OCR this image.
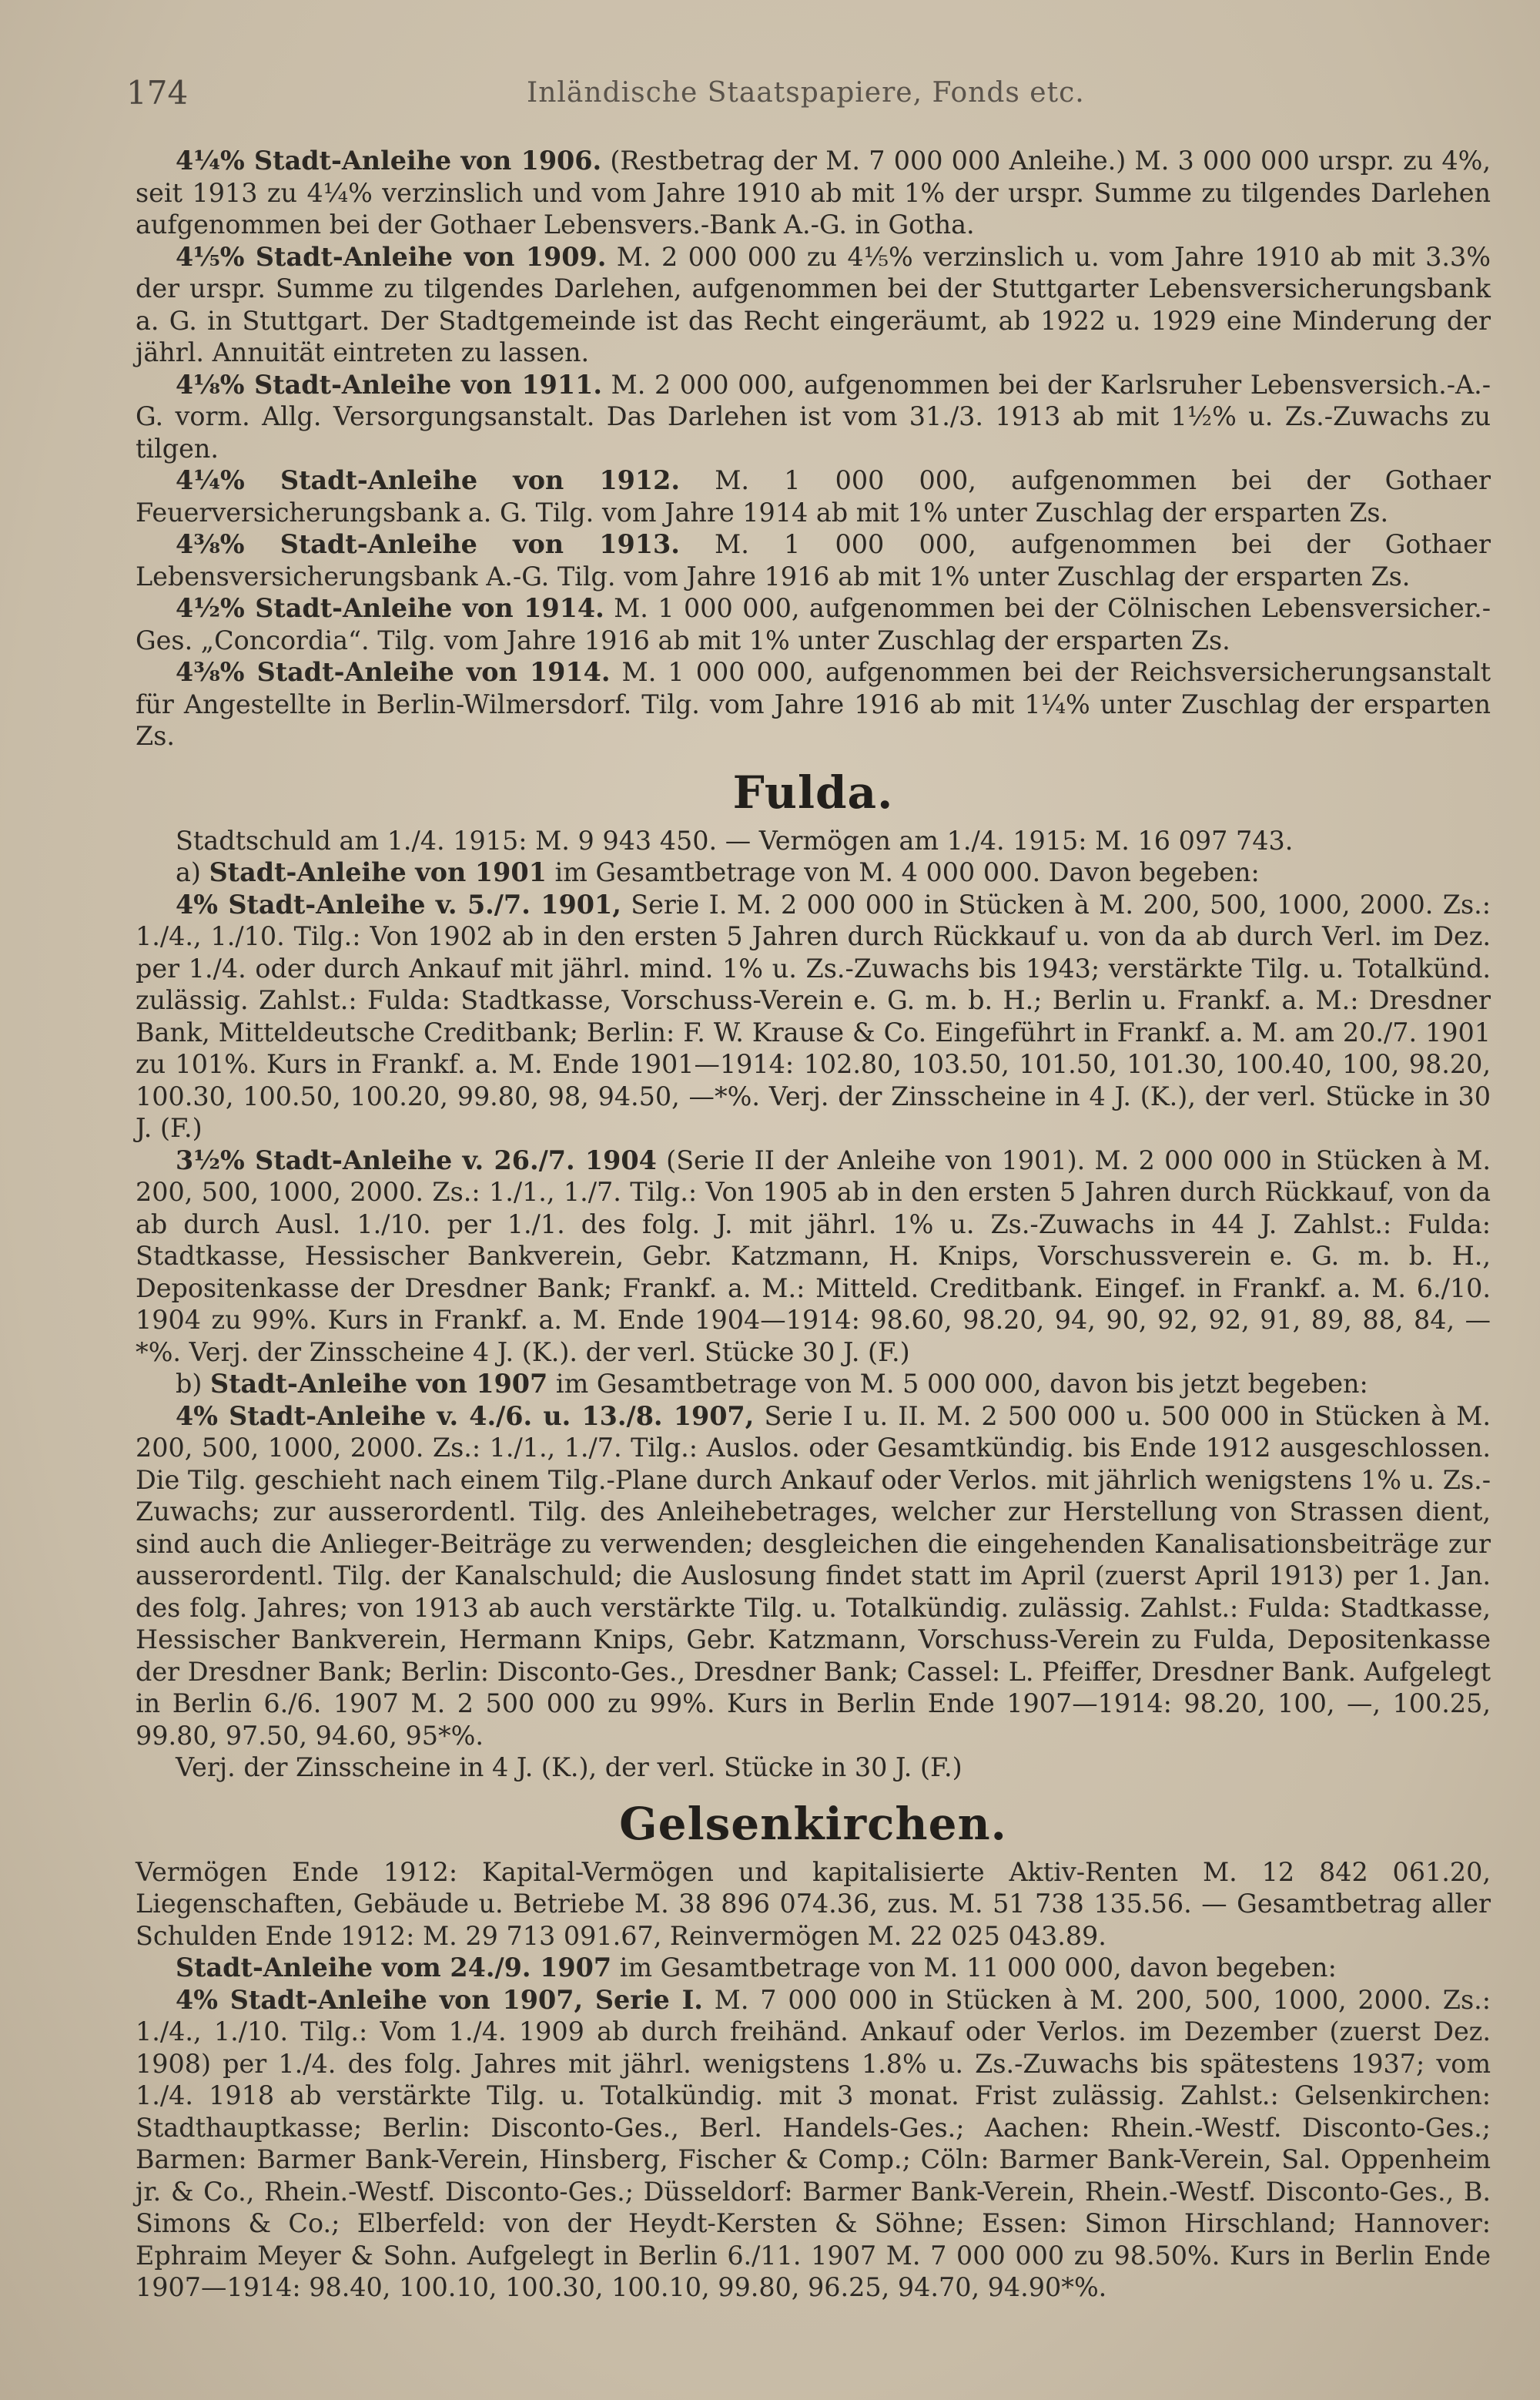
174	Inländische Staatspapiere, Fonds etc.

4¼% Stadt-Anleihe von 1906. (Restbetrag der M. 7 000 000 Anleihe.) M. 3 000 000 urspr. zu 4%, seit 1913 zu 4¼% verzinslich und vom Jahre 1910 ab mit 1% der urspr. Summe zu tilgendes Darlehen aufgenommen bei der Gothaer Lebensvers.-Bank A.-G. in Gotha.

4⅕% Stadt-Anleihe von 1909. M. 2 000 000 zu 4⅕% verzinslich u. vom Jahre 1910 ab mit 3.3% der urspr. Summe zu tilgendes Darlehen, aufgenommen bei der Stuttgarter Lebensversicherungsbank a. G. in Stuttgart. Der Stadtgemeinde ist das Recht eingeräumt, ab 1922 u. 1929 eine Minderung der jährl. Annuität eintreten zu lassen.

4⅛% Stadt-Anleihe von 1911. M. 2 000 000, aufgenommen bei der Karlsruher Lebensversich.-A.-G. vorm. Allg. Versorgungsanstalt. Das Darlehen ist vom 31./3. 1913 ab mit 1½% u. Zs.-Zuwachs zu tilgen.

4¼% Stadt-Anleihe von 1912. M. 1 000 000, aufgenommen bei der Gothaer Feuerversicherungsbank a. G. Tilg. vom Jahre 1914 ab mit 1% unter Zuschlag der ersparten Zs.

4⅜% Stadt-Anleihe von 1913. M. 1 000 000, aufgenommen bei der Gothaer Lebensversicherungsbank A.-G. Tilg. vom Jahre 1916 ab mit 1% unter Zuschlag der ersparten Zs.

4½% Stadt-Anleihe von 1914. M. 1 000 000, aufgenommen bei der Cölnischen Lebensversicher.-Ges. „Concordia“. Tilg. vom Jahre 1916 ab mit 1% unter Zuschlag der ersparten Zs.

4⅜% Stadt-Anleihe von 1914. M. 1 000 000, aufgenommen bei der Reichsversicherungsanstalt für Angestellte in Berlin-Wilmersdorf. Tilg. vom Jahre 1916 ab mit 1¼% unter Zuschlag der ersparten Zs.

Fulda.

Stadtschuld am 1./4. 1915: M. 9 943 450. — Vermögen am 1./4. 1915: M. 16 097 743.

a) Stadt-Anleihe von 1901 im Gesamtbetrage von M. 4 000 000. Davon begeben:

4% Stadt-Anleihe v. 5./7. 1901, Serie I. M. 2 000 000 in Stücken à M. 200, 500, 1000, 2000. Zs.: 1./4., 1./10. Tilg.: Von 1902 ab in den ersten 5 Jahren durch Rückkauf u. von da ab durch Verl. im Dez. per 1./4. oder durch Ankauf mit jährl. mind. 1% u. Zs.-Zuwachs bis 1943; verstärkte Tilg. u. Totalkünd. zulässig. Zahlst.: Fulda: Stadtkasse, Vorschuss-Verein e. G. m. b. H.; Berlin u. Frankf. a. M.: Dresdner Bank, Mitteldeutsche Creditbank; Berlin: F. W. Krause & Co. Eingeführt in Frankf. a. M. am 20./7. 1901 zu 101%. Kurs in Frankf. a. M. Ende 1901—1914: 102.80, 103.50, 101.50, 101.30, 100.40, 100, 98.20, 100.30, 100.50, 100.20, 99.80, 98, 94.50, —*%. Verj. der Zinsscheine in 4 J. (K.), der verl. Stücke in 30 J. (F.)

3½% Stadt-Anleihe v. 26./7. 1904 (Serie II der Anleihe von 1901). M. 2 000 000 in Stücken à M. 200, 500, 1000, 2000. Zs.: 1./1., 1./7. Tilg.: Von 1905 ab in den ersten 5 Jahren durch Rückkauf, von da ab durch Ausl. 1./10. per 1./1. des folg. J. mit jährl. 1% u. Zs.-Zuwachs in 44 J. Zahlst.: Fulda: Stadtkasse, Hessischer Bankverein, Gebr. Katzmann, H. Knips, Vorschussverein e. G. m. b. H., Depositenkasse der Dresdner Bank; Frankf. a. M.: Mitteld. Creditbank. Eingef. in Frankf. a. M. 6./10. 1904 zu 99%. Kurs in Frankf. a. M. Ende 1904—1914: 98.60, 98.20, 94, 90, 92, 92, 91, 89, 88, 84, —*%. Verj. der Zinsscheine 4 J. (K.). der verl. Stücke 30 J. (F.)

b) Stadt-Anleihe von 1907 im Gesamtbetrage von M. 5 000 000, davon bis jetzt begeben:

4% Stadt-Anleihe v. 4./6. u. 13./8. 1907, Serie I u. II. M. 2 500 000 u. 500 000 in Stücken à M. 200, 500, 1000, 2000. Zs.: 1./1., 1./7. Tilg.: Auslos. oder Gesamtkündig. bis Ende 1912 ausgeschlossen. Die Tilg. geschieht nach einem Tilg.-Plane durch Ankauf oder Verlos. mit jährlich wenigstens 1% u. Zs.-Zuwachs; zur ausserordentl. Tilg. des Anleihebetrages, welcher zur Herstellung von Strassen dient, sind auch die Anlieger-Beiträge zu verwenden; desgleichen die eingehenden Kanalisationsbeiträge zur ausserordentl. Tilg. der Kanalschuld; die Auslosung findet statt im April (zuerst April 1913) per 1. Jan. des folg. Jahres; von 1913 ab auch verstärkte Tilg. u. Totalkündig. zulässig. Zahlst.: Fulda: Stadtkasse, Hessischer Bankverein, Hermann Knips, Gebr. Katzmann, Vorschuss-Verein zu Fulda, Depositenkasse der Dresdner Bank; Berlin: Disconto-Ges., Dresdner Bank; Cassel: L. Pfeiffer, Dresdner Bank. Aufgelegt in Berlin 6./6. 1907 M. 2 500 000 zu 99%. Kurs in Berlin Ende 1907—1914: 98.20, 100, —, 100.25, 99.80, 97.50, 94.60, 95*%.

Verj. der Zinsscheine in 4 J. (K.), der verl. Stücke in 30 J. (F.)

Gelsenkirchen.

Vermögen Ende 1912: Kapital-Vermögen und kapitalisierte Aktiv-Renten M. 12 842 061.20, Liegenschaften, Gebäude u. Betriebe M. 38 896 074.36, zus. M. 51 738 135.56. — Gesamtbetrag aller Schulden Ende 1912: M. 29 713 091.67, Reinvermögen M. 22 025 043.89.

Stadt-Anleihe vom 24./9. 1907 im Gesamtbetrage von M. 11 000 000, davon begeben:

4% Stadt-Anleihe von 1907, Serie I. M. 7 000 000 in Stücken à M. 200, 500, 1000, 2000. Zs.: 1./4., 1./10. Tilg.: Vom 1./4. 1909 ab durch freihänd. Ankauf oder Verlos. im Dezember (zuerst Dez. 1908) per 1./4. des folg. Jahres mit jährl. wenigstens 1.8% u. Zs.-Zuwachs bis spätestens 1937; vom 1./4. 1918 ab verstärkte Tilg. u. Totalkündig. mit 3 monat. Frist zulässig. Zahlst.: Gelsenkirchen: Stadthauptkasse; Berlin: Disconto-Ges., Berl. Handels-Ges.; Aachen: Rhein.-Westf. Disconto-Ges.; Barmen: Barmer Bank-Verein, Hinsberg, Fischer & Comp.; Cöln: Barmer Bank-Verein, Sal. Oppenheim jr. & Co., Rhein.-Westf. Disconto-Ges.; Düsseldorf: Barmer Bank-Verein, Rhein.-Westf. Disconto-Ges., B. Simons & Co.; Elberfeld: von der Heydt-Kersten & Söhne; Essen: Simon Hirschland; Hannover: Ephraim Meyer & Sohn. Aufgelegt in Berlin 6./11. 1907 M. 7 000 000 zu 98.50%. Kurs in Berlin Ende 1907—1914: 98.40, 100.10, 100.30, 100.10, 99.80, 96.25, 94.70, 94.90*%.
